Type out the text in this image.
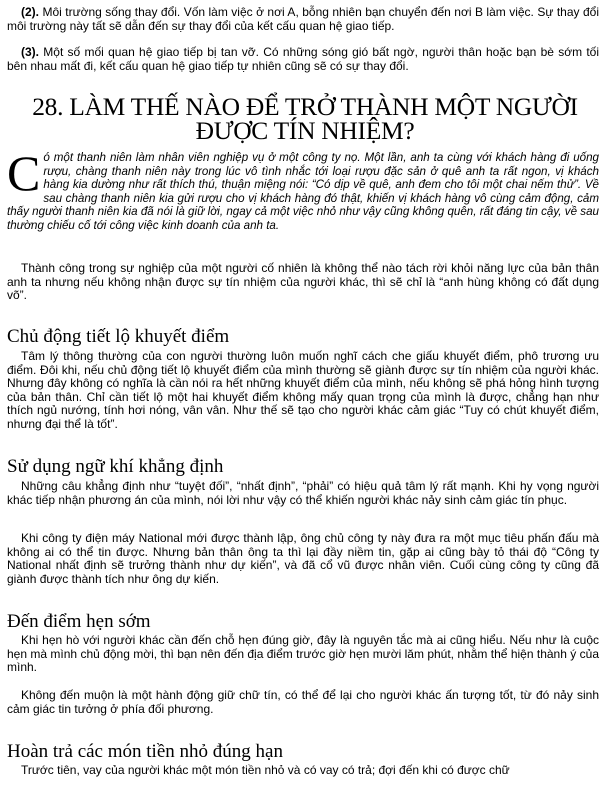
(2). Môi trường sống thay đổi. Vốn làm việc ở nơi A, bỗng nhiên bạn chuyển đến nơi B làm việc. Sự thay đổi môi trường này tất sẽ dẫn đến sự thay đổi của kết cấu quan hệ giao tiếp.

(3). Một số mối quan hệ giao tiếp bị tan vỡ. Có những sóng gió bất ngờ, người thân hoặc bạn bè sớm tối bên nhau mất đi, kết cấu quan hệ giao tiếp tự nhiên cũng sẽ có sự thay đổi.

28. LÀM THẾ NÀO ĐỂ TRỞ THÀNH MỘT NGƯỜI ĐƯỢC TÍN NHIỆM?

Có một thanh niên làm nhân viên nghiệp vụ ở một công ty nọ. Một lần, anh ta cùng với khách hàng đi uống rượu, chàng thanh niên này trong lúc vô tình nhắc tới loại rượu đặc sản ở quê anh ta rất ngon, vị khách hàng kia dường như rất thích thú, thuận miệng nói: “Có dịp về quê, anh đem cho tôi một chai nếm thử”. Về sau chàng thanh niên kia gửi rượu cho vị khách hàng đó thật, khiến vị khách hàng vô cùng cảm động, cảm thấy người thanh niên kia đã nói là giữ lời, ngay cả một việc nhỏ như vậy cũng không quên, rất đáng tin cậy, về sau thường chiếu cố tới công việc kinh doanh của anh ta.

Thành công trong sự nghiệp của một người cố nhiên là không thể nào tách rời khỏi năng lực của bản thân anh ta nhưng nếu không nhận được sự tín nhiệm của người khác, thì sẽ chỉ là “anh hùng không có đất dụng võ”.

Chủ động tiết lộ khuyết điểm

Tâm lý thông thường của con người thường luôn muốn nghĩ cách che giấu khuyết điểm, phô trương ưu điểm. Đôi khi, nếu chủ động tiết lộ khuyết điểm của mình thường sẽ giành được sự tín nhiệm của người khác. Nhưng đây không có nghĩa là cần nói ra hết những khuyết điểm của mình, nếu không sẽ phá hỏng hình tượng của bản thân. Chỉ cần tiết lộ một hai khuyết điểm không mấy quan trọng của mình là được, chẳng hạn như thích ngủ nướng, tính hơi nóng, vân vân. Như thế sẽ tạo cho người khác cảm giác “Tuy có chút khuyết điểm, nhưng đại thể là tốt”.

Sử dụng ngữ khí khẳng định

Những câu khẳng định như “tuyệt đối”, “nhất định”, “phải” có hiệu quả tâm lý rất mạnh. Khi hy vọng người khác tiếp nhận phương án của mình, nói lời như vậy có thể khiến người khác nảy sinh cảm giác tín phục.

Khi công ty điện máy National mới được thành lập, ông chủ công ty này đưa ra một mục tiêu phấn đấu mà không ai có thể tin được. Nhưng bản thân ông ta thì lại đầy niềm tin, gặp ai cũng bày tỏ thái độ “Công ty National nhất định sẽ trưởng thành như dự kiến”, và đã cổ vũ được nhân viên. Cuối cùng công ty cũng đã giành được thành tích như ông dự kiến.

Đến điểm hẹn sớm

Khi hẹn hò với người khác cần đến chỗ hẹn đúng giờ, đây là nguyên tắc mà ai cũng hiểu. Nếu như là cuộc hẹn mà mình chủ động mời, thì bạn nên đến địa điểm trước giờ hẹn mười lăm phút, nhằm thể hiện thành ý của mình.

Không đến muộn là một hành động giữ chữ tín, có thể để lại cho người khác ấn tượng tốt, từ đó nảy sinh cảm giác tin tưởng ở phía đối phương.

Hoàn trả các món tiền nhỏ đúng hạn

Trước tiên, vay của người khác một món tiền nhỏ và có vay có trả; đợi đến khi có được chữ
